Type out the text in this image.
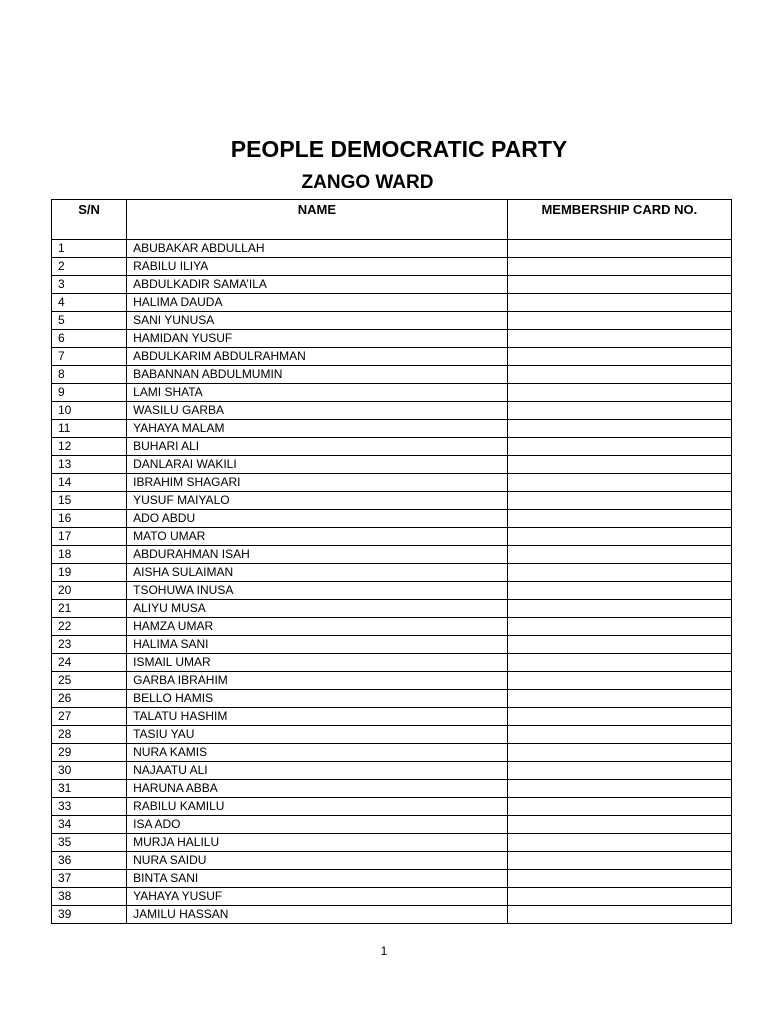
PEOPLE DEMOCRATIC PARTY
ZANGO WARD
S/N	NAME	MEMBERSHIP CARD NO.
1	ABUBAKAR ABDULLAH	
2	RABILU ILIYA	
3	ABDULKADIR SAMA’ILA	
4	HALIMA DAUDA	
5	SANI YUNUSA	
6	HAMIDAN YUSUF	
7	ABDULKARIM ABDULRAHMAN	
8	BABANNAN ABDULMUMIN	
9	LAMI SHATA	
10	WASILU GARBA	
11	YAHAYA MALAM	
12	BUHARI ALI	
13	DANLARAI WAKILI	
14	IBRAHIM SHAGARI	
15	YUSUF MAIYALO	
16	ADO ABDU	
17	MATO UMAR	
18	ABDURAHMAN ISAH	
19	AISHA SULAIMAN	
20	TSOHUWA INUSA	
21	ALIYU MUSA	
22	HAMZA UMAR	
23	HALIMA SANI	
24	ISMAIL UMAR	
25	GARBA IBRAHIM	
26	BELLO HAMIS	
27	TALATU HASHIM	
28	TASIU YAU	
29	NURA KAMIS	
30	NAJAATU ALI	
31	HARUNA ABBA	
33	RABILU KAMILU	
34	ISA ADO	
35	MURJA HALILU	
36	NURA SAIDU	
37	BINTA SANI	
38	YAHAYA YUSUF	
39	JAMILU HASSAN	
1
